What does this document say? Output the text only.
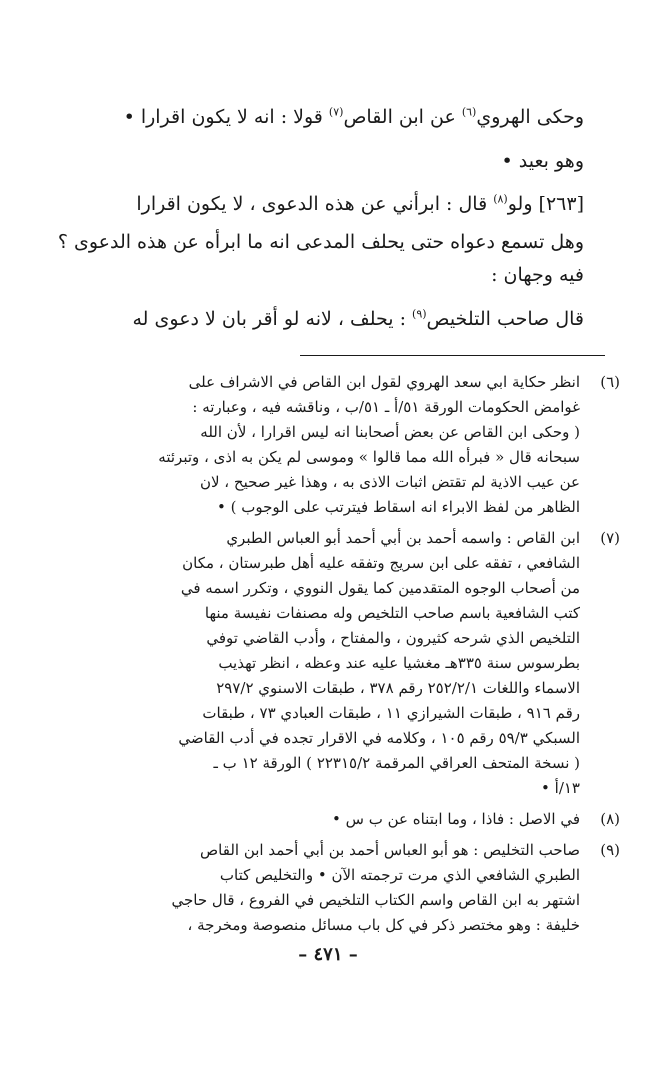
وحكى الهروي$^{(٦)}$ عن ابن القاص$^{(٧)}$ قولا : انه لا يكون اقرارا •

وهو بعيد •

[٢٦٣] ولو$^{(٨)}$ قال : ابرأني عن هذه الدعوى ، لا يكون اقرارا

وهل تسمع دعواه حتى يحلف المدعى انه ما ابرأه عن هذه الدعوى ؟

فيه وجهان :

قال صاحب التلخيص$^{(٩)}$ : يحلف ، لانه لو أقر بان لا دعوى له

(٦)
انظر حكاية ابي سعد الهروي لقول ابن القاص في الاشراف على
غوامض الحكومات الورقة ٥١/أ ـ ٥١/ب ، وناقشه فيه ، وعبارته :
( وحكى ابن القاص عن بعض أصحابنا انه ليس اقرارا ، لأن الله
سبحانه قال « فبرأه الله مما قالوا » وموسى لم يكن به اذى ، وتبرئته
عن عيب الاذية لم تقتض اثبات الاذى به ، وهذا غير صحيح ، لان
الظاهر من لفظ الابراء انه اسقاط فيترتب على الوجوب ) •
(٧)
ابن القاص : واسمه أحمد بن أبي أحمد أبو العباس الطبري
الشافعي ، تفقه على ابن سريج وتفقه عليه أهل طبرستان ، مكان
من أصحاب الوجوه المتقدمين كما يقول النووي ، وتكرر اسمه في
كتب الشافعية باسم صاحب التلخيص وله مصنفات نفيسة منها
التلخيص الذي شرحه كثيرون ، والمفتاح ، وأدب القاضي توفي
بطرسوس سنة ٣٣٥هـ مغشيا عليه عند وعظه ، انظر تهذيب
الاسماء واللغات ٢٥٢/٢/١ رقم ٣٧٨ ، طبقات الاسنوي ٢٩٧/٢
رقم ٩١٦ ، طبقات الشيرازي ١١ ، طبقات العبادي ٧٣ ، طبقات
السبكي ٥٩/٣ رقم ١٠٥ ، وكلامه في الاقرار تجده في أدب القاضي
( نسخة المتحف العراقي المرقمة ٢٢٣١٥/٢ ) الورقة ١٢ ب ـ
١٣/أ •
(٨)
في الاصل : فاذا ، وما ابتناه عن ب س •
(٩)
صاحب التخليص : هو أبو العباس أحمد بن أبي أحمد ابن القاص
الطبري الشافعي الذي مرت ترجمته الآن • والتخليص كتاب
اشتهر به ابن القاص واسم الكتاب التلخيص في الفروع ، قال حاجي
خليفة : وهو مختصر ذكر في كل باب مسائل منصوصة ومخرجة ،
– ٤٧١ –
